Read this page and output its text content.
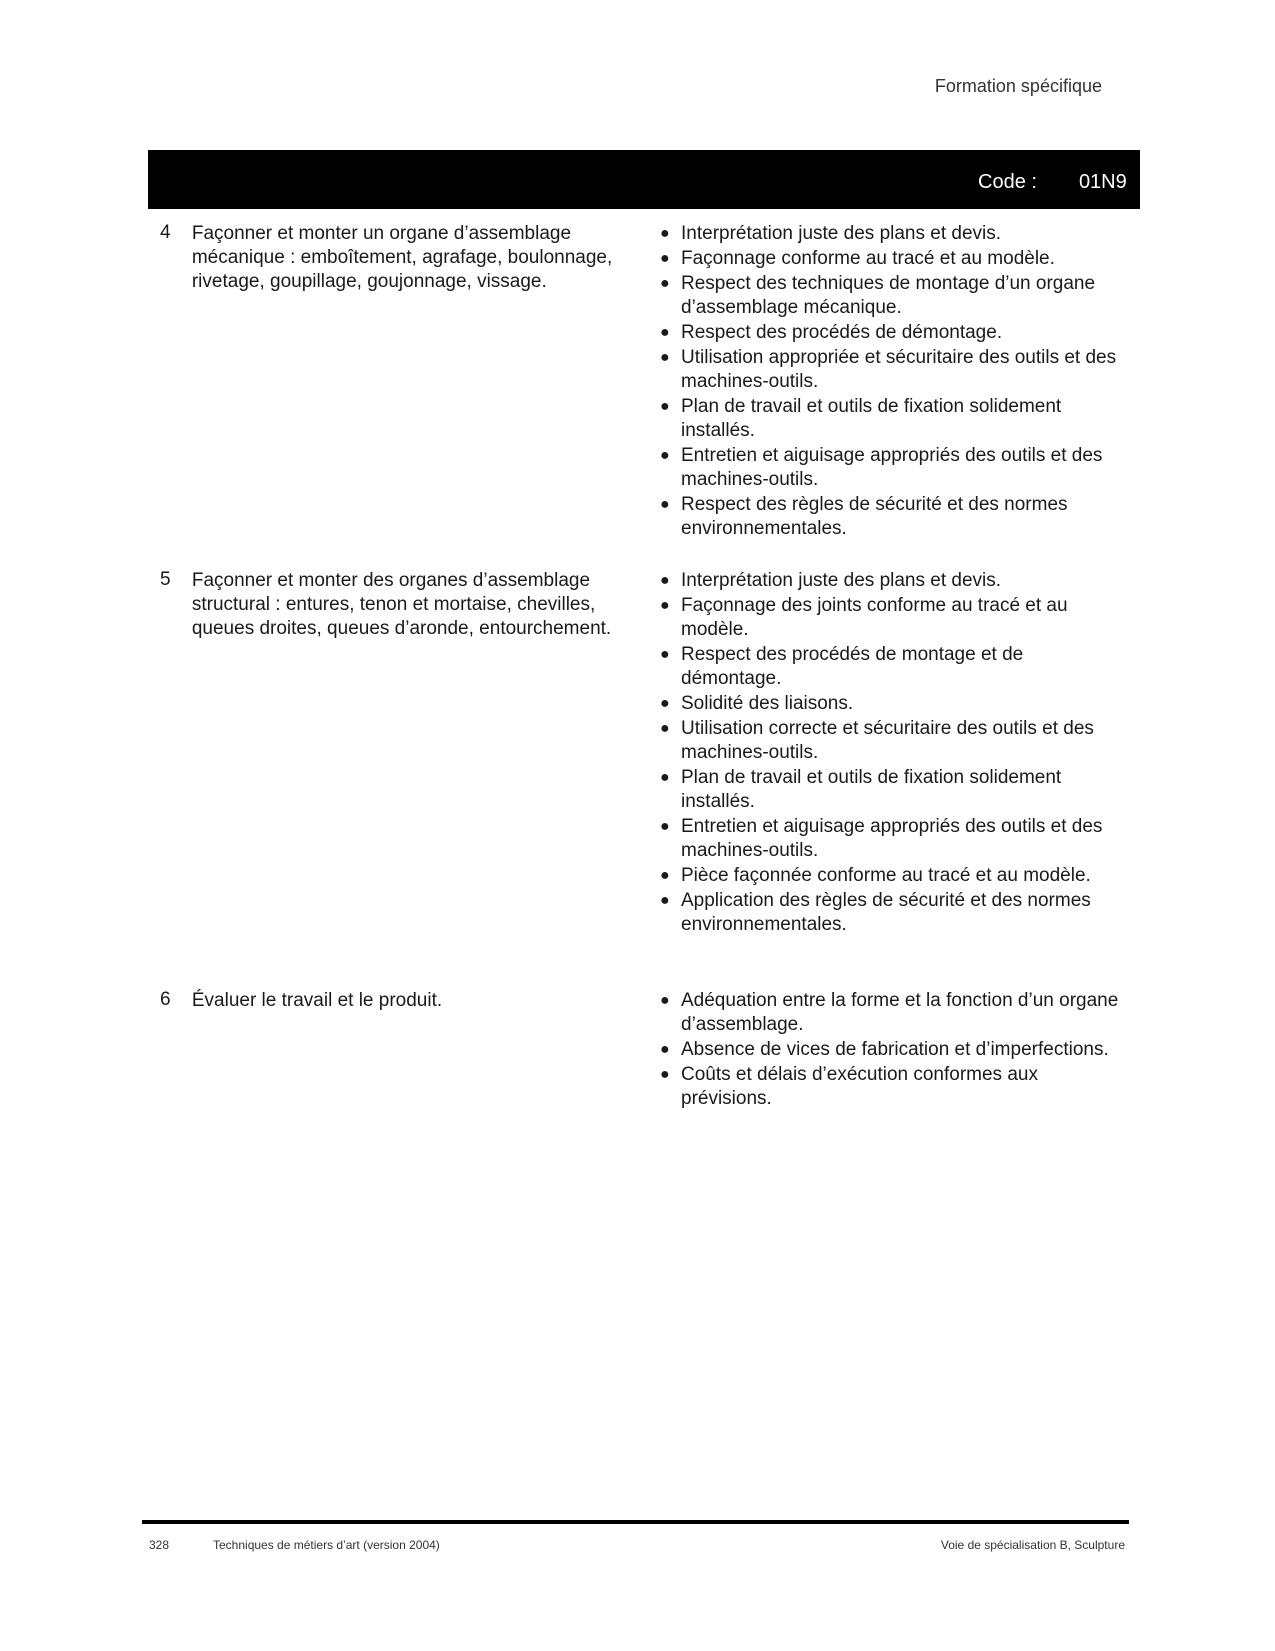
Formation spécifique
Code : 01N9
4	Façonner et monter un organe d’assemblage mécanique : emboîtement, agrafage, boulonnage, rivetage, goupillage, goujonnage, vissage.
● Interprétation juste des plans et devis.
● Façonnage conforme au tracé et au modèle.
● Respect des techniques de montage d’un organe d’assemblage mécanique.
● Respect des procédés de démontage.
● Utilisation appropriée et sécuritaire des outils et des machines-outils.
● Plan de travail et outils de fixation solidement installés.
● Entretien et aiguisage appropriés des outils et des machines-outils.
● Respect des règles de sécurité et des normes environnementales.
5	Façonner et monter des organes d’assemblage structural : entures, tenon et mortaise, chevilles, queues droites, queues d’aronde, entourchement.
● Interprétation juste des plans et devis.
● Façonnage des joints conforme au tracé et au modèle.
● Respect des procédés de montage et de démontage.
● Solidité des liaisons.
● Utilisation correcte et sécuritaire des outils et des machines-outils.
● Plan de travail et outils de fixation solidement installés.
● Entretien et aiguisage appropriés des outils et des machines-outils.
● Pièce façonnée conforme au tracé et au modèle.
● Application des règles de sécurité et des normes environnementales.
6	Évaluer le travail et le produit.	● Adéquation entre la forme et la fonction d’un organe d’assemblage.
● Absence de vices de fabrication et d’imperfections.
● Coûts et délais d’exécution conformes aux prévisions.
328	Techniques de métiers d’art (version 2004)	Voie de spécialisation B, Sculpture
